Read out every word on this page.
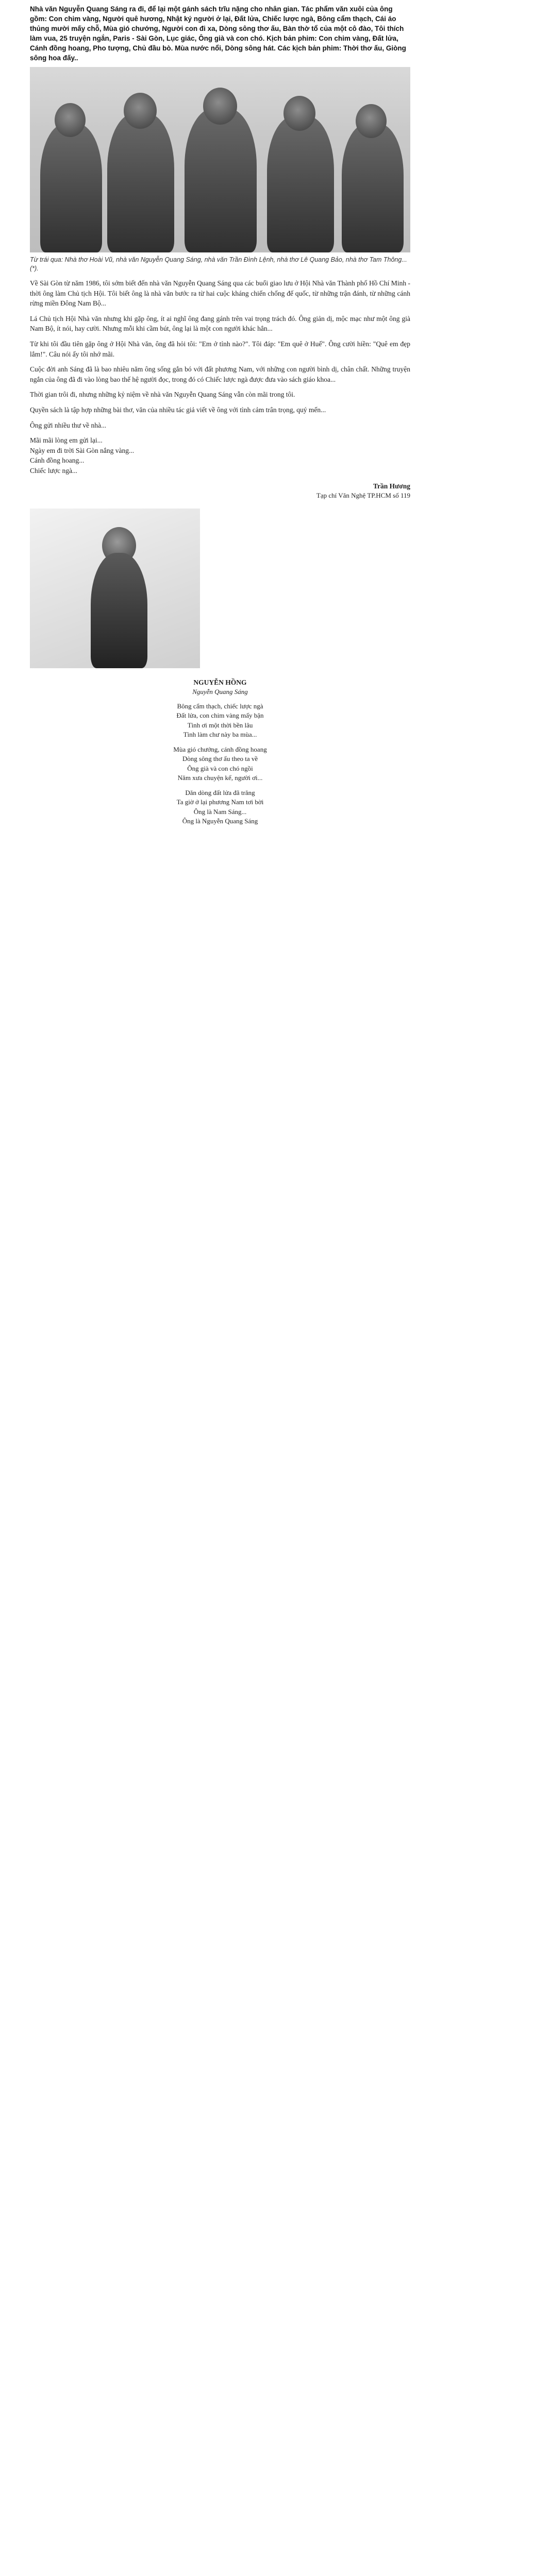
Nhà văn Nguyễn Quang Sáng ra đi, để lại một gánh sách trĩu nặng cho nhân gian. Tác phẩm văn xuôi của ông gồm: Con chim vàng, Người quê hương, Nhật ký người ở lại, Đất lửa, Chiếc lược ngà, Bông cẩm thạch, Cái áo thủng mười mấy chỗ, Mùa gió chướng, Người con đi xa, Dòng sông thơ ấu, Bàn thờ tổ của một cô đào, Tôi thích làm vua, 25 truyện ngắn, Paris - Sài Gòn, Lục giác, Ông già và con chó. Kịch bản phim: Con chim vàng, Đất lửa, Cánh đồng hoang, Pho tượng, Chủ đầu bò. Mùa nước nổi, Dòng sông hát. Các kịch bản phim: Thời thơ ấu, Giòng sông hoa đấy..

Từ trái qua: Nhà thơ Hoài Vũ, nhà văn Nguyễn Quang Sáng, nhà văn Trần Đình Lệnh, nhà thơ Lê Quang Bảo, nhà thơ Tam Thông... (*).

Về Sài Gòn từ năm 1986, tôi sớm biết đến nhà văn Nguyễn Quang Sáng qua các buổi giao lưu ở Hội Nhà văn Thành phố Hồ Chí Minh - thời ông làm Chủ tịch Hội. Tôi biết ông là nhà văn bước ra từ hai cuộc kháng chiến chống đế quốc, từ những trận đánh, từ những cánh rừng miền Đông Nam Bộ...

Lá Chủ tịch Hội Nhà văn nhưng khi gặp ông, ít ai nghĩ ông đang gánh trên vai trọng trách đó. Ông giản dị, mộc mạc như một ông già Nam Bộ, ít nói, hay cười. Nhưng mỗi khi cầm bút, ông lại là một con người khác hẳn...

Từ khi tôi đầu tiên gặp ông ở Hội Nhà văn, ông đã hỏi tôi: "Em ở tỉnh nào?". Tôi đáp: "Em quê ở Huế". Ông cười hiền: "Quê em đẹp lắm!". Câu nói ấy tôi nhớ mãi.

Cuộc đời anh Sáng đã là bao nhiêu năm ông sống gắn bó với đất phương Nam, với những con người bình dị, chân chất. Những truyện ngắn của ông đã đi vào lòng bao thế hệ người đọc, trong đó có Chiếc lược ngà được đưa vào sách giáo khoa...

Thời gian trôi đi, nhưng những kỷ niệm về nhà văn Nguyễn Quang Sáng vẫn còn mãi trong tôi.

Quyền sách là tập hợp những bài thơ, văn của nhiều tác giả viết về ông với tình cảm trân trọng, quý mến...

Ông gửi nhiều thư về nhà...

Mãi mãi lòng em gửi lại...
Ngày em đi trời Sài Gòn nắng vàng...
Cánh đồng hoang...
Chiếc lược ngà...

Trần Hương

Tạp chí Văn Nghệ TP.HCM số 119

NGUYỄN HỒNG
Nguyễn Quang Sáng
Bông cẩm thạch, chiếc lược ngà
Đất lửa, con chim vàng mấy bận
Tình ơi một thời bền lâu
Tình làm chư này ba mùa...
Mùa gió chướng, cánh đồng hoang
Dòng sông thơ ấu theo ta về
Ông già và con chó ngồi
Năm xưa chuyện kể, người ơi...
Dăn dòng đất lửa đã trăng
Ta giờ ở lại phương Nam tơi bời
Ông là Nam Sáng...
Ông là Nguyễn Quang Sáng
